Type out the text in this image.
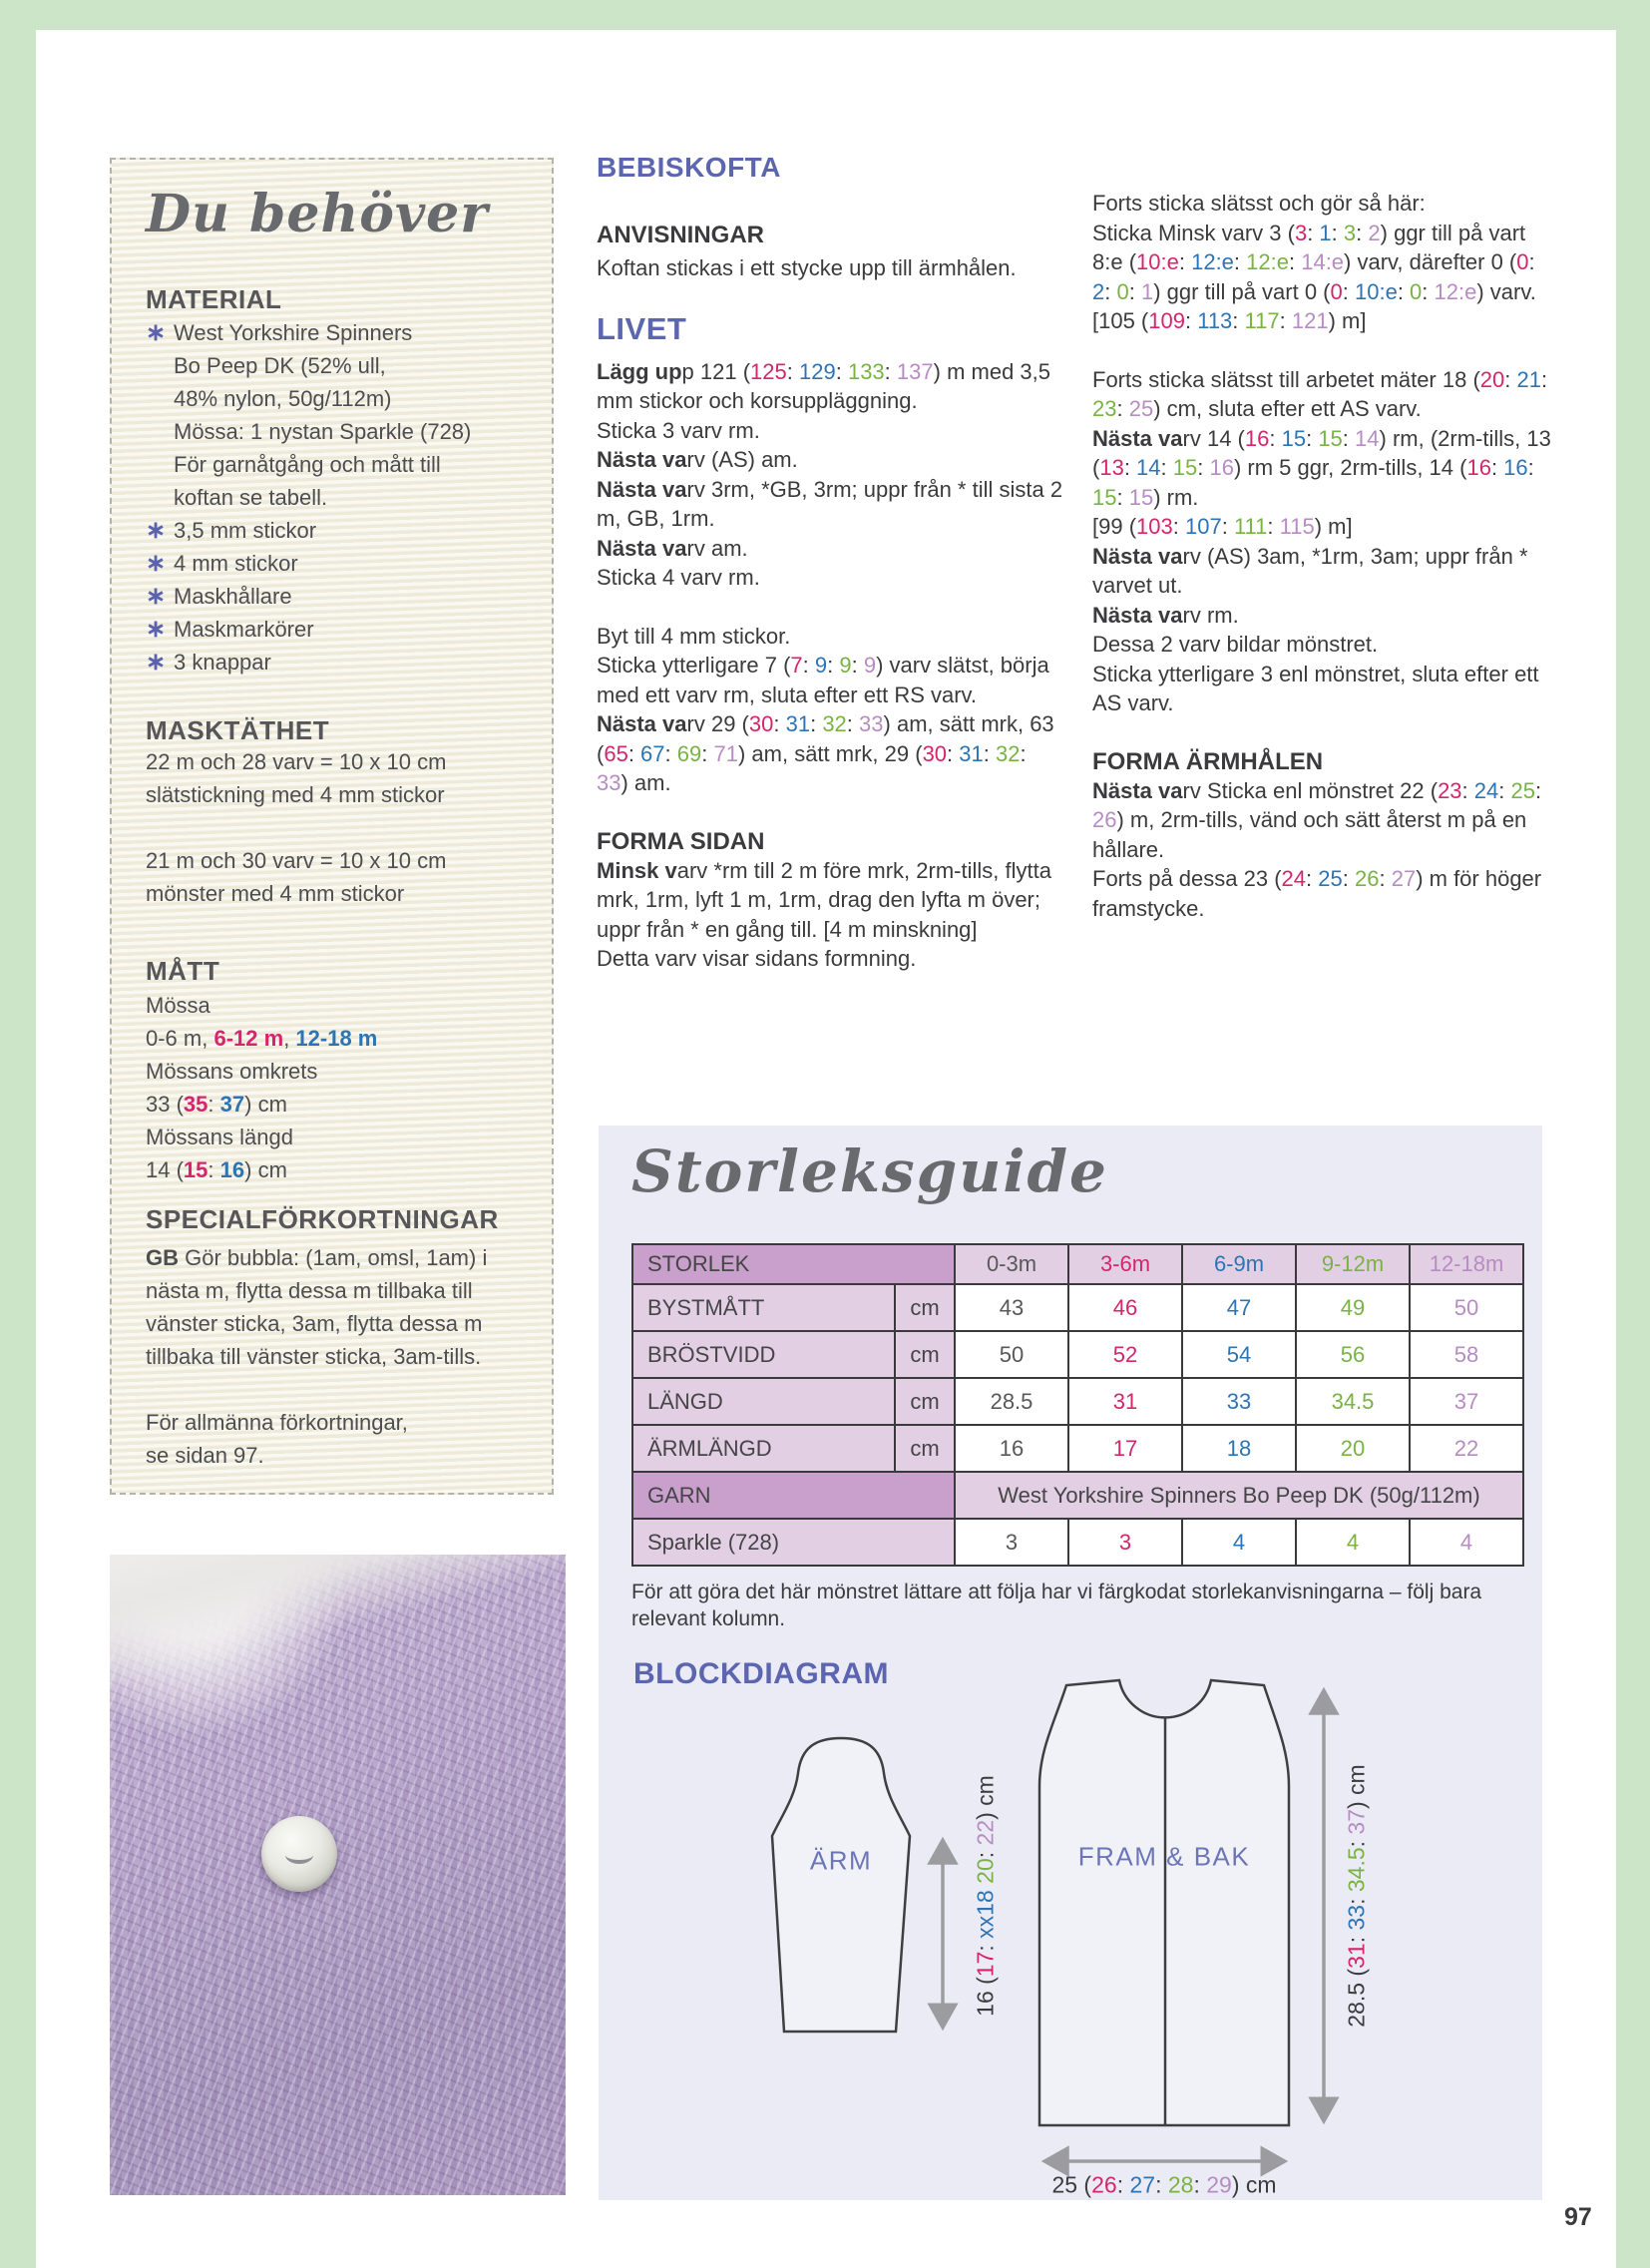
Du behöver
MATERIAL
∗ West Yorkshire Spinners
Bo Peep DK (52% ull,
48% nylon, 50g/112m)
Mössa: 1 nystan Sparkle (728)
För garnåtgång och mått till
koftan se tabell.
∗ 3,5 mm stickor
∗ 4 mm stickor
∗ Maskhållare
∗ Maskmarkörer
∗ 3 knappar
MASKTÄTHET
22 m och 28 varv = 10 x 10 cm
slätstickning med 4 mm stickor
21 m och 30 varv = 10 x 10 cm
mönster med 4 mm stickor
MÅTT
Mössa
0-6 m, 6-12 m, 12-18 m
Mössans omkrets
33 (35: 37) cm
Mössans längd
14 (15: 16) cm
SPECIALFÖRKORTNINGAR
GB Gör bubbla: (1am, omsl, 1am) i nästa m, flytta dessa m tillbaka till vänster sticka, 3am, flytta dessa m tillbaka till vänster sticka, 3am-tills.
För allmänna förkortningar,
se sidan 97.
BEBISKOFTA
ANVISNINGAR
Koftan stickas i ett stycke upp till ärmhålen.
LIVET
Lägg upp 121 (125: 129: 133: 137) m med 3,5 mm stickor och korsuppläggning.
Sticka 3 varv rm.
Nästa varv (AS) am.
Nästa varv 3rm, *GB, 3rm; uppr från * till sista 2 m, GB, 1rm.
Nästa varv am.
Sticka 4 varv rm.
Byt till 4 mm stickor.
Sticka ytterligare 7 (7: 9: 9: 9) varv slätst, börja med ett varv rm, sluta efter ett RS varv.
Nästa varv 29 (30: 31: 32: 33) am, sätt mrk, 63 (65: 67: 69: 71) am, sätt mrk, 29 (30: 31: 32: 33) am.
FORMA SIDAN
Minsk varv *rm till 2 m före mrk, 2rm-tills, flytta mrk, 1rm, lyft 1 m, 1rm, drag den lyfta m över; uppr från * en gång till. [4 m minskning]
Detta varv visar sidans formning.
Forts sticka slätsst och gör så här:
Sticka Minsk varv 3 (3: 1: 3: 2) ggr till på vart 8:e (10:e: 12:e: 12:e: 14:e) varv, därefter 0 (0: 2: 0: 1) ggr till på vart 0 (0: 10:e: 0: 12:e) varv.
[105 (109: 113: 117: 121) m]
Forts sticka slätsst till arbetet mäter 18 (20: 21: 23: 25) cm, sluta efter ett AS varv.
Nästa varv 14 (16: 15: 15: 14) rm, (2rm-tills, 13 (13: 14: 15: 16) rm 5 ggr, 2rm-tills, 14 (16: 16: 15: 15) rm.
[99 (103: 107: 111: 115) m]
Nästa varv (AS) 3am, *1rm, 3am; uppr från * varvet ut.
Nästa varv rm.
Dessa 2 varv bildar mönstret.
Sticka ytterligare 3 enl mönstret, sluta efter ett AS varv.
FORMA ÄRMHÅLEN
Nästa varv Sticka enl mönstret 22 (23: 24: 25: 26) m, 2rm-tills, vänd och sätt återst m på en hållare.
Forts på dessa 23 (24: 25: 26: 27) m för höger framstycke.
Storleksguide
STORLEK	0-3m	3-6m	6-9m	9-12m	12-18m
BYSTMÅTT	cm	43	46	47	49	50
BRÖSTVIDD	cm	50	52	54	56	58
LÄNGD	cm	28.5	31	33	34.5	37
ÄRMLÄNGD	cm	16	17	18	20	22
GARN	West Yorkshire Spinners Bo Peep DK (50g/112m)
Sparkle (728)	3	3	4	4	4
För att göra det här mönstret lättare att följa har vi färgkodat storlekanvisningarna – följ bara relevant kolumn.
BLOCKDIAGRAM
ÄRM	FRAM & BAK
16 (17: xx18 20: 22) cm
28.5 (31: 33: 34.5: 37) cm
25 (26: 27: 28: 29) cm
97
